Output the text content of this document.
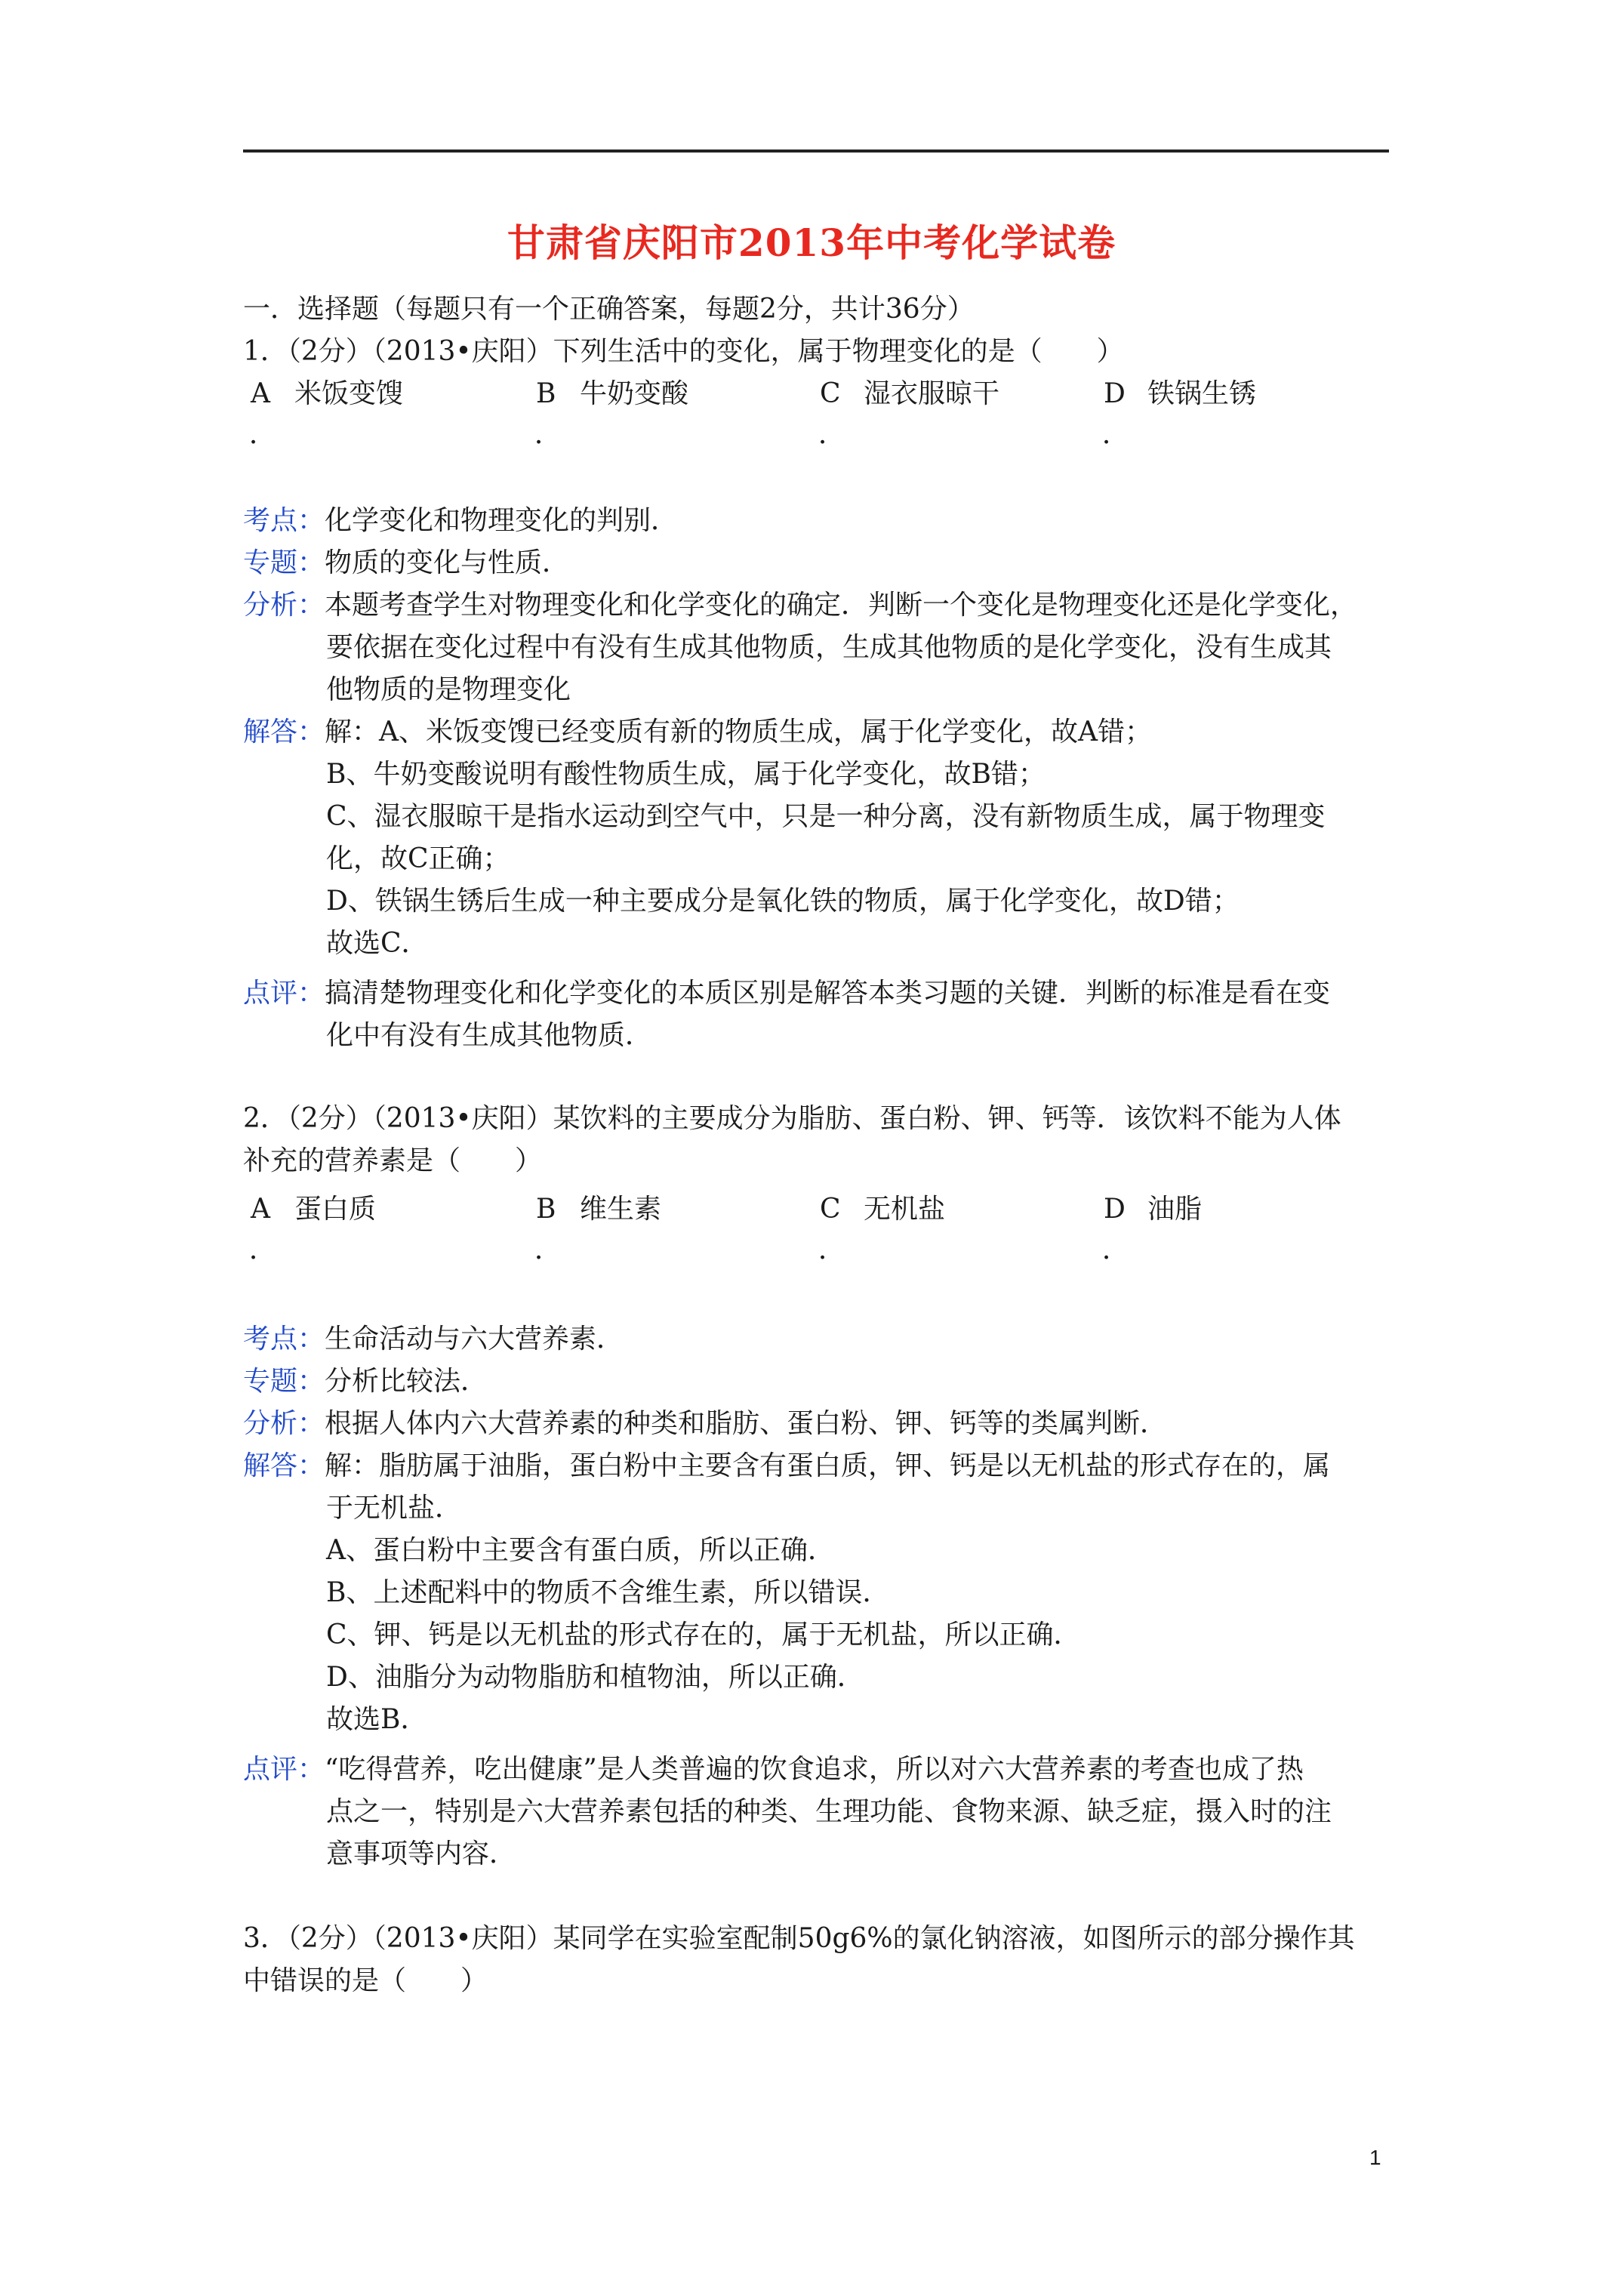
甘肃省庆阳市2013年中考化学试卷
一．选择题（每题只有一个正确答案，每题2分，共计36分）
1．（2分）（2013•庆阳）下列生活中的变化，属于物理变化的是（　　）
A 米饭变馊	B 牛奶变酸	C 湿衣服晾干	D 铁锅生锈
．	．	．	．
考点：化学变化和物理变化的判别．
专题：物质的变化与性质．
分析：本题考查学生对物理变化和化学变化的确定．判断一个变化是物理变化还是化学变化，
要依据在变化过程中有没有生成其他物质，生成其他物质的是化学变化，没有生成其
他物质的是物理变化
解答：解：A、米饭变馊已经变质有新的物质生成，属于化学变化，故A错；
B、牛奶变酸说明有酸性物质生成，属于化学变化，故B错；
C、湿衣服晾干是指水运动到空气中，只是一种分离，没有新物质生成，属于物理变
化，故C正确；
D、铁锅生锈后生成一种主要成分是氧化铁的物质，属于化学变化，故D错；
故选C．
点评：搞清楚物理变化和化学变化的本质区别是解答本类习题的关键．判断的标准是看在变
化中有没有生成其他物质．
2．（2分）（2013•庆阳）某饮料的主要成分为脂肪、蛋白粉、钾、钙等．该饮料不能为人体
补充的营养素是（　　）
A 蛋白质	B 维生素	C 无机盐	D 油脂
．	．	．	．
考点：生命活动与六大营养素．
专题：分析比较法．
分析：根据人体内六大营养素的种类和脂肪、蛋白粉、钾、钙等的类属判断．
解答：解：脂肪属于油脂，蛋白粉中主要含有蛋白质，钾、钙是以无机盐的形式存在的，属
于无机盐．
A、蛋白粉中主要含有蛋白质，所以正确．
B、上述配料中的物质不含维生素，所以错误．
C、钾、钙是以无机盐的形式存在的，属于无机盐，所以正确．
D、油脂分为动物脂肪和植物油，所以正确．
故选B．
点评：“吃得营养，吃出健康”是人类普遍的饮食追求，所以对六大营养素的考查也成了热
点之一，特别是六大营养素包括的种类、生理功能、食物来源、缺乏症，摄入时的注
意事项等内容．
3．（2分）（2013•庆阳）某同学在实验室配制50g6%的氯化钠溶液，如图所示的部分操作其
中错误的是（　　）
1
